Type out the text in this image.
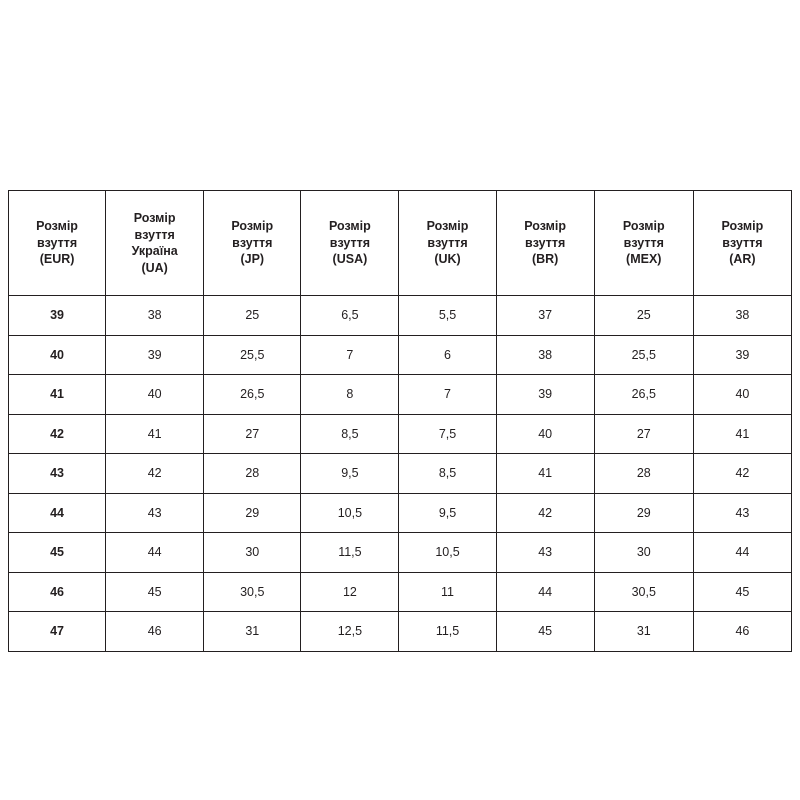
Розмір
взуття
(EUR)	Розмір
взуття
Україна
(UA)	Розмір
взуття
(JP)	Розмір
взуття
(USA)	Розмір
взуття
(UK)	Розмір
взуття
(BR)	Розмір
взуття
(MEX)	Розмір
взуття
(AR)

39	38	25	6,5	5,5	37	25	38
40	39	25,5	7	6	38	25,5	39
41	40	26,5	8	7	39	26,5	40
42	41	27	8,5	7,5	40	27	41
43	42	28	9,5	8,5	41	28	42
44	43	29	10,5	9,5	42	29	43
45	44	30	11,5	10,5	43	30	44
46	45	30,5	12	11	44	30,5	45
47	46	31	12,5	11,5	45	31	46
